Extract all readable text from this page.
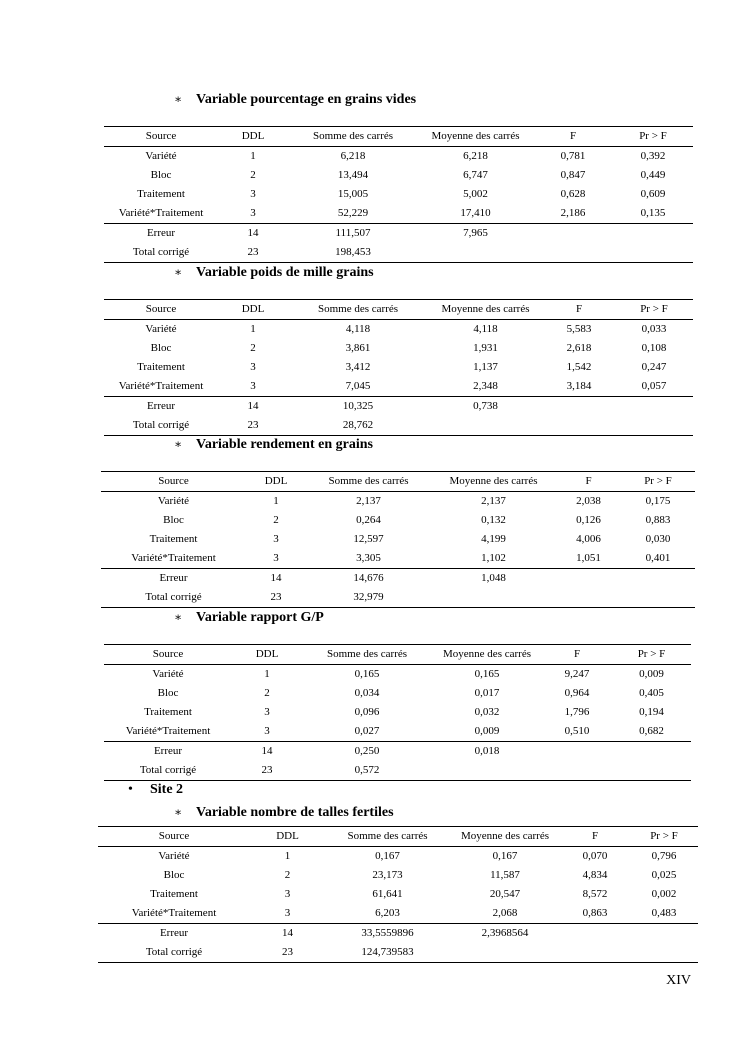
∗ Variable pourcentage en grains vides
Source	DDL	Somme des carrés	Moyenne des carrés	F	Pr > F
Variété	1	6,218	6,218	0,781	0,392
Bloc	2	13,494	6,747	0,847	0,449
Traitement	3	15,005	5,002	0,628	0,609
Variété*Traitement	3	52,229	17,410	2,186	0,135
Erreur	14	111,507	7,965		
Total corrigé	23	198,453			
∗ Variable poids de mille grains
Source	DDL	Somme des carrés	Moyenne des carrés	F	Pr > F
Variété	1	4,118	4,118	5,583	0,033
Bloc	2	3,861	1,931	2,618	0,108
Traitement	3	3,412	1,137	1,542	0,247
Variété*Traitement	3	7,045	2,348	3,184	0,057
Erreur	14	10,325	0,738		
Total corrigé	23	28,762			
∗ Variable rendement en grains
Source	DDL	Somme des carrés	Moyenne des carrés	F	Pr > F
Variété	1	2,137	2,137	2,038	0,175
Bloc	2	0,264	0,132	0,126	0,883
Traitement	3	12,597	4,199	4,006	0,030
Variété*Traitement	3	3,305	1,102	1,051	0,401
Erreur	14	14,676	1,048		
Total corrigé	23	32,979			
∗ Variable rapport G/P
Source	DDL	Somme des carrés	Moyenne des carrés	F	Pr > F
Variété	1	0,165	0,165	9,247	0,009
Bloc	2	0,034	0,017	0,964	0,405
Traitement	3	0,096	0,032	1,796	0,194
Variété*Traitement	3	0,027	0,009	0,510	0,682
Erreur	14	0,250	0,018		
Total corrigé	23	0,572			
• Site 2
∗ Variable nombre de talles fertiles
Source	DDL	Somme des carrés	Moyenne des carrés	F	Pr > F
Variété	1	0,167	0,167	0,070	0,796
Bloc	2	23,173	11,587	4,834	0,025
Traitement	3	61,641	20,547	8,572	0,002
Variété*Traitement	3	6,203	2,068	0,863	0,483
Erreur	14	33,5559896	2,3968564		
Total corrigé	23	124,739583			
XIV
